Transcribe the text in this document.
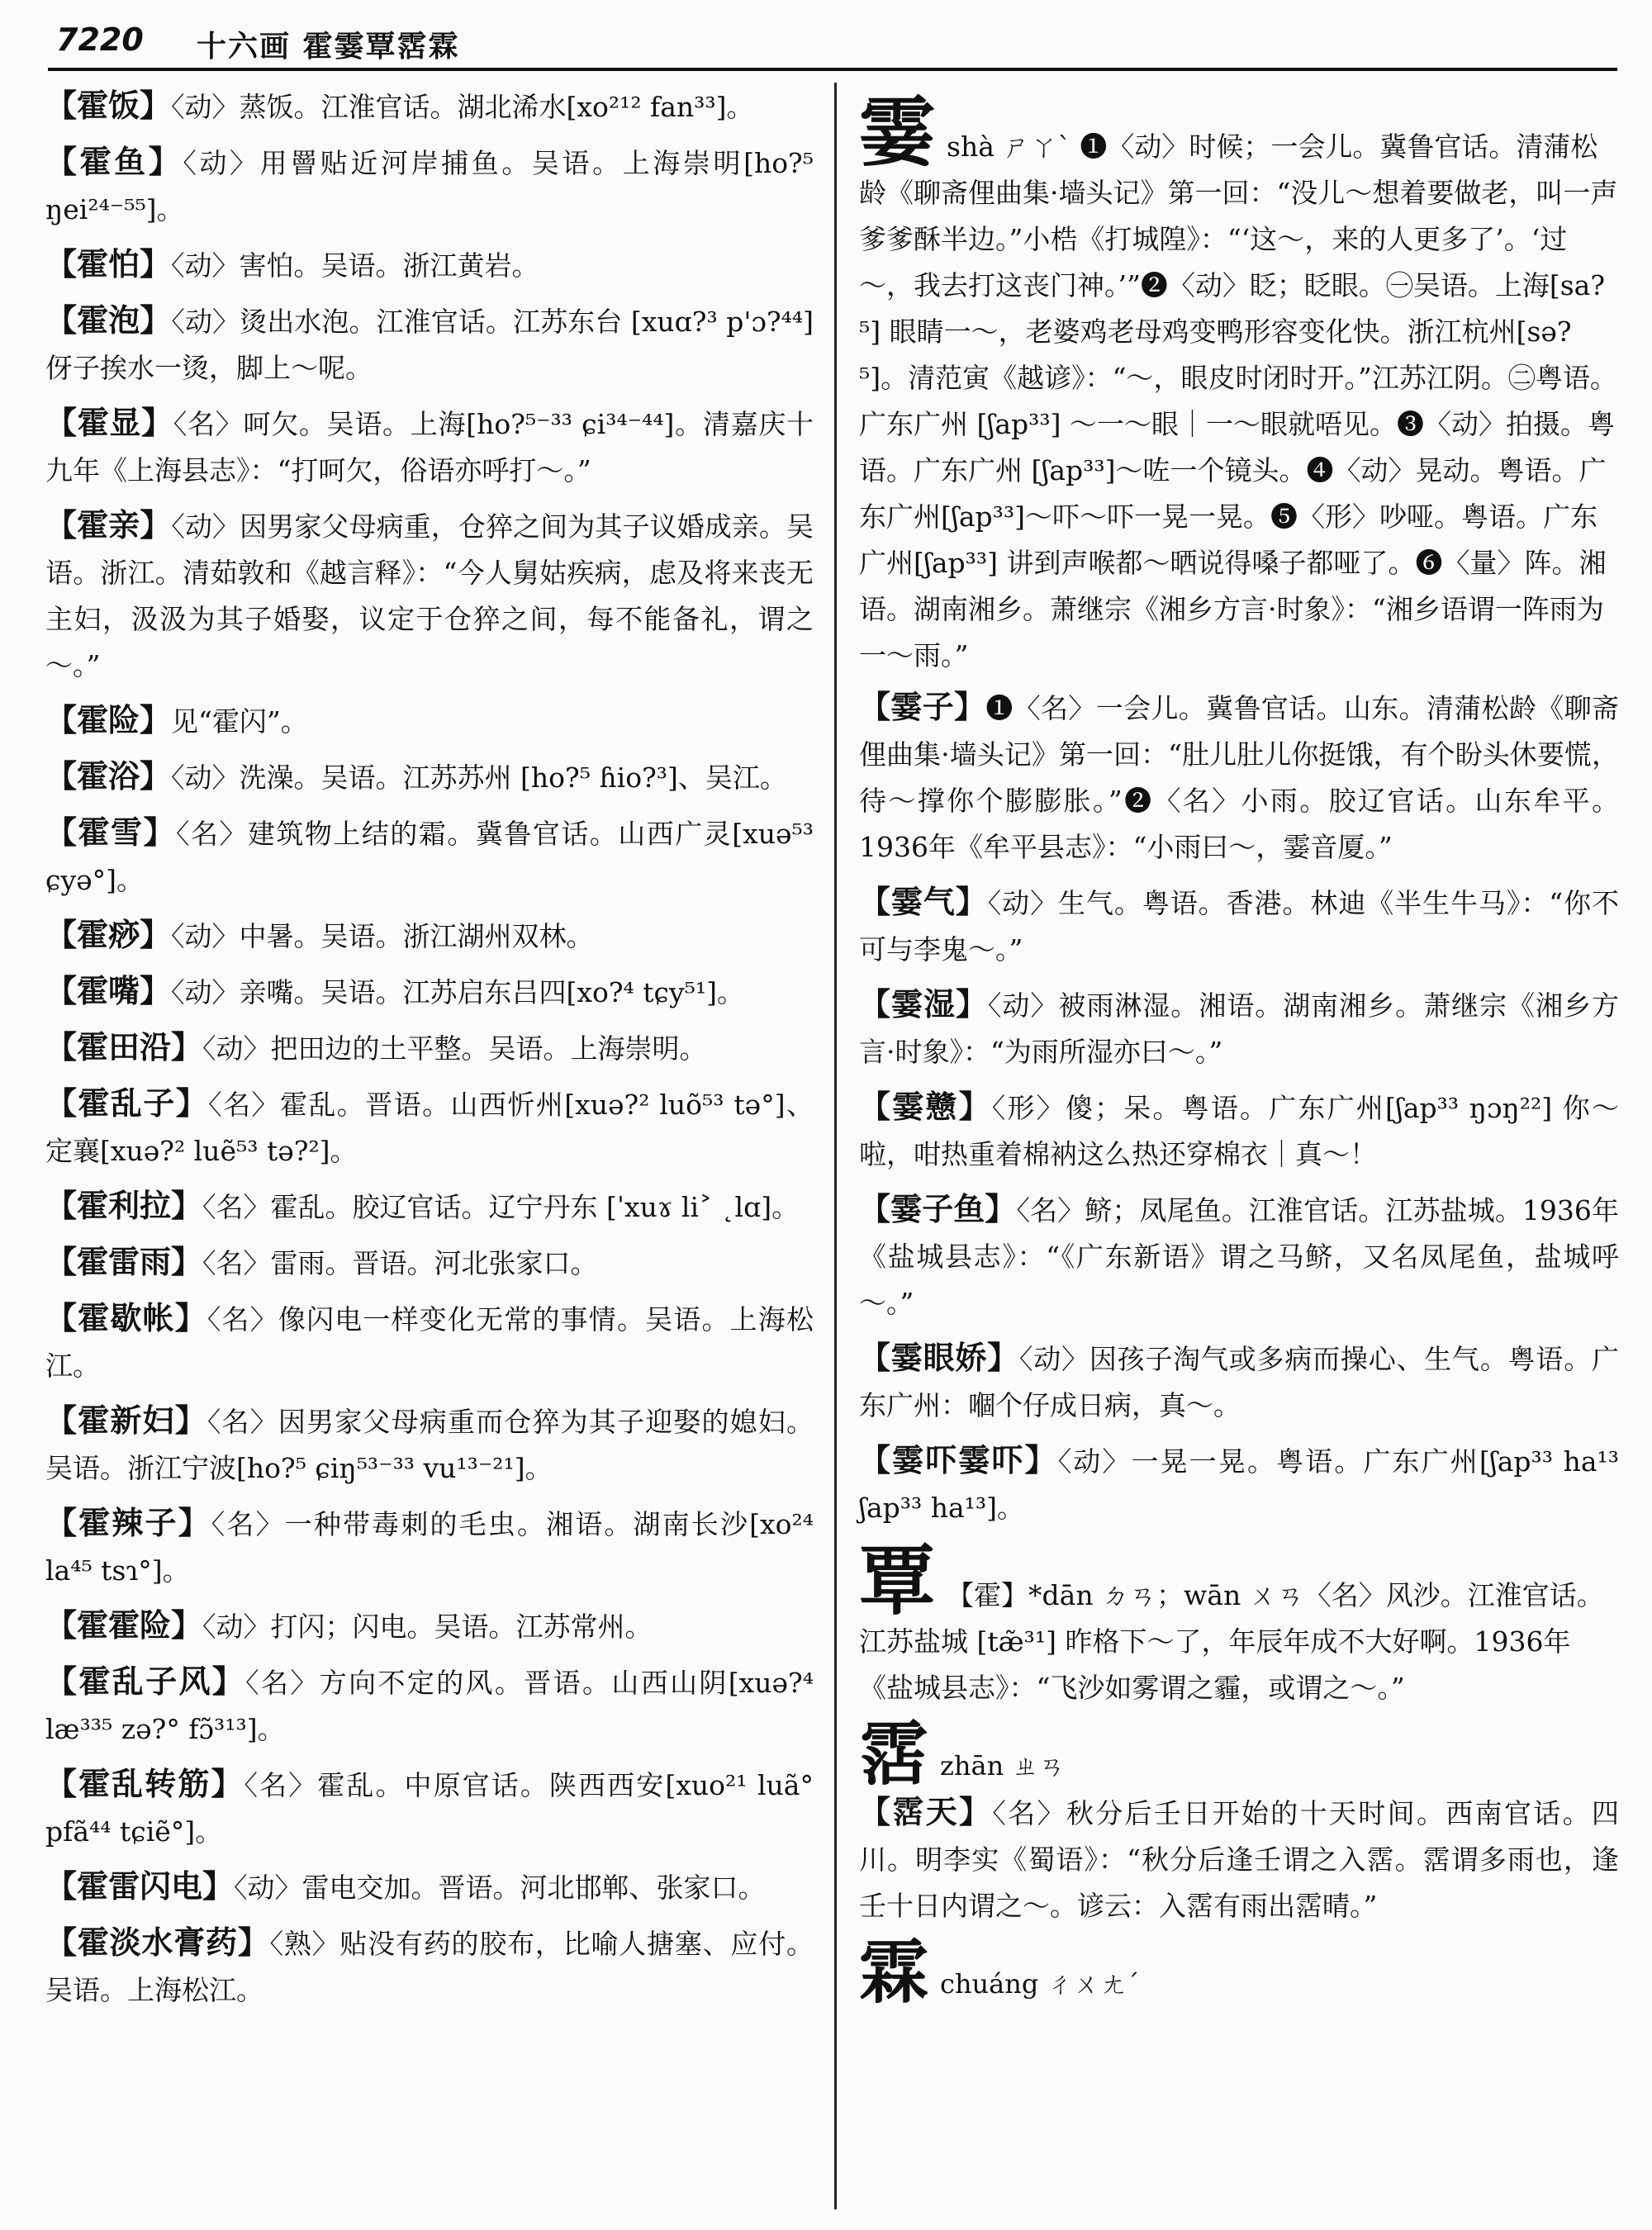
7220 十六画 霍霎覃霑霖
【霍饭】〈动〉蒸饭。江淮官话。湖北浠水[xo²¹² fan³³]。
【霍鱼】〈动〉用罾贴近河岸捕鱼。吴语。上海崇明[ho?⁵ ŋei²⁴⁻⁵⁵]。
【霍怕】〈动〉害怕。吴语。浙江黄岩。
【霍泡】〈动〉烫出水泡。江淮官话。江苏东台 [xuɑ?³ p'ɔ?⁴⁴]伢子挨水一烫，脚上～呢。
【霍显】〈名〉呵欠。吴语。上海[ho?⁵⁻³³ ɕi³⁴⁻⁴⁴]。清嘉庆十九年《上海县志》：“打呵欠，俗语亦呼打～。”
【霍亲】〈动〉因男家父母病重，仓猝之间为其子议婚成亲。吴语。浙江。清茹敦和《越言释》：“今人舅姑疾病，虑及将来丧无主妇，汲汲为其子婚娶，议定于仓猝之间，每不能备礼，谓之～。”
【霍险】见“霍闪”。
【霍浴】〈动〉洗澡。吴语。江苏苏州 [ho?⁵ ɦio?³]、吴江。
【霍雪】〈名〉建筑物上结的霜。冀鲁官话。山西广灵[xuə⁵³ ɕyə°]。
【霍痧】〈动〉中暑。吴语。浙江湖州双林。
【霍嘴】〈动〉亲嘴。吴语。江苏启东吕四[xo?⁴ tɕy⁵¹]。
【霍田沿】〈动〉把田边的土平整。吴语。上海崇明。
【霍乱子】〈名〉霍乱。晋语。山西忻州[xuə?² luõ⁵³ tə°]、定襄[xuə?² luẽ⁵³ tə?²]。
【霍利拉】〈名〉霍乱。胶辽官话。辽宁丹东 [ˈxuɤ li˃ ˛lɑ]。
【霍雷雨】〈名〉雷雨。晋语。河北张家口。
【霍歇帐】〈名〉像闪电一样变化无常的事情。吴语。上海松江。
【霍新妇】〈名〉因男家父母病重而仓猝为其子迎娶的媳妇。吴语。浙江宁波[ho?⁵ ɕiŋ⁵³⁻³³ vu¹³⁻²¹]。
【霍辣子】〈名〉一种带毒刺的毛虫。湘语。湖南长沙[xo²⁴ la⁴⁵ tsɿ°]。
【霍霍险】〈动〉打闪；闪电。吴语。江苏常州。
【霍乱子风】〈名〉方向不定的风。晋语。山西山阴[xuə?⁴ læ³³⁵ zə?° fɔ̃³¹³]。
【霍乱转筋】〈名〉霍乱。中原官话。陕西西安[xuo²¹ luã° pfã⁴⁴ tɕiẽ°]。
【霍雷闪电】〈动〉雷电交加。晋语。河北邯郸、张家口。
【霍淡水膏药】〈熟〉贴没有药的胶布，比喻人搪塞、应付。吴语。上海松江。
霎shà ㄕㄚˋ ❶〈动〉时候；一会儿。冀鲁官话。清蒲松龄《聊斋俚曲集·墙头记》第一回：“没儿～想着要做老，叫一声爹爹酥半边。”小梏《打城隍》：“‘这～，来的人更多了’。‘过～，我去打这丧门神。’”❷〈动〉眨；眨眼。㊀吴语。上海[sa?⁵] 眼睛一～，老婆鸡老母鸡变鸭形容变化快。浙江杭州[sə?⁵]。清范寅《越谚》：“～，眼皮时闭时开。”江苏江阴。㊁粤语。广东广州 [ʃap³³] ～一～眼｜一～眼就唔见。❸〈动〉拍摄。粤语。广东广州 [ʃap³³]～咗一个镜头。❹〈动〉晃动。粤语。广东广州[ʃap³³]～吓～吓一晃一晃。❺〈形〉吵哑。粤语。广东广州[ʃap³³] 讲到声喉都～晒说得嗓子都哑了。❻〈量〉阵。湘语。湖南湘乡。萧继宗《湘乡方言·时象》：“湘乡语谓一阵雨为一～雨。”
【霎子】❶〈名〉一会儿。冀鲁官话。山东。清蒲松龄《聊斋俚曲集·墙头记》第一回：“肚儿肚儿你挺饿，有个盼头休要慌，待～撑你个膨膨胀。”❷〈名〉小雨。胶辽官话。山东牟平。1936年《牟平县志》：“小雨曰～，霎音厦。”
【霎气】〈动〉生气。粤语。香港。林迪《半生牛马》：“你不可与李鬼～。”
【霎湿】〈动〉被雨淋湿。湘语。湖南湘乡。萧继宗《湘乡方言·时象》：“为雨所湿亦曰～。”
【霎戆】〈形〉傻；呆。粤语。广东广州[ʃap³³ ŋɔŋ²²] 你～啦，咁热重着棉衲这么热还穿棉衣｜真～！
【霎子鱼】〈名〉鲚；凤尾鱼。江淮官话。江苏盐城。1936年《盐城县志》：“《广东新语》谓之马鲚，又名凤尾鱼，盐城呼～。”
【霎眼娇】〈动〉因孩子淘气或多病而操心、生气。粤语。广东广州：嗰个仔成日病，真～。
【霎吓霎吓】〈动〉一晃一晃。粤语。广东广州[ʃap³³ ha¹³ ʃap³³ ha¹³]。
覃 【霍】*dān ㄉㄢ；wān ㄨㄢ〈名〉风沙。江淮官话。江苏盐城 [tæ̃³¹] 昨格下～了，年辰年成不大好啊。1936年《盐城县志》：“飞沙如雾谓之霾，或谓之～。”
霑zhān ㄓㄢ
【霑天】〈名〉秋分后壬日开始的十天时间。西南官话。四川。明李实《蜀语》：“秋分后逢壬谓之入霑。霑谓多雨也，逢壬十日内谓之～。谚云：入霑有雨出霑晴。”
霖chuáng ㄔㄨㄤˊ
